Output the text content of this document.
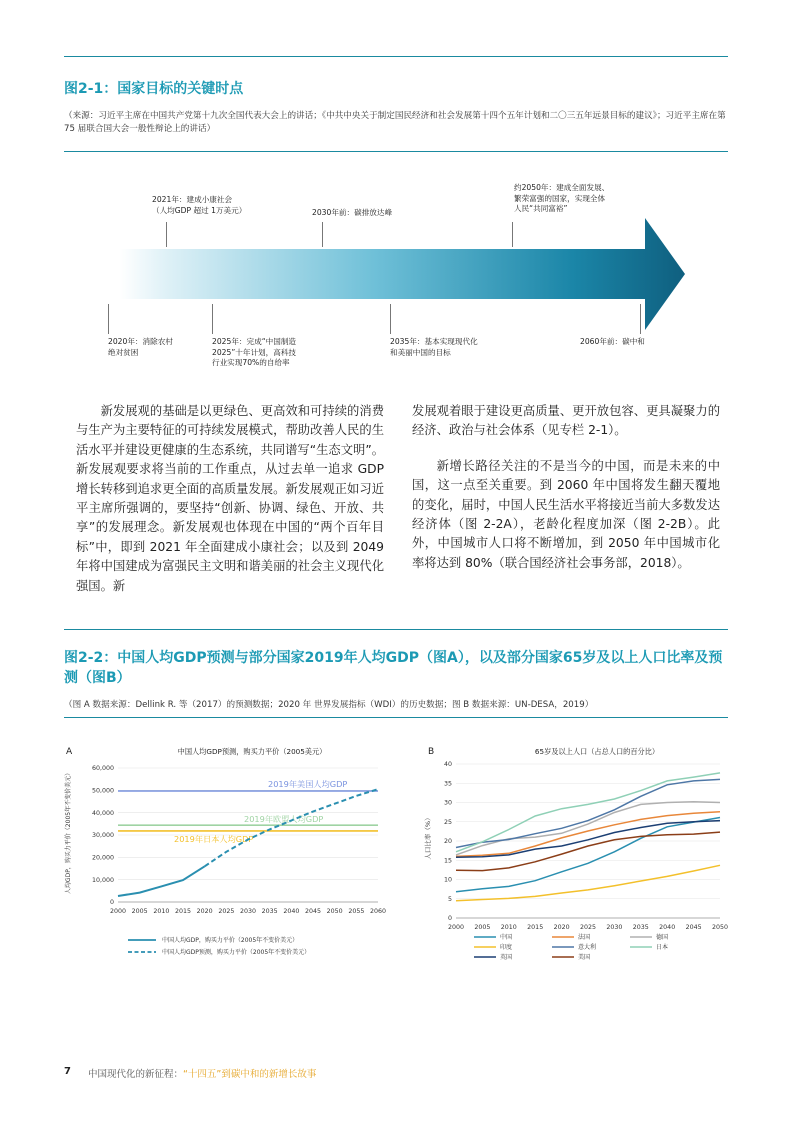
图2-1：国家目标的关键时点
（来源：习近平主席在中国共产党第十九次全国代表大会上的讲话；《中共中央关于制定国民经济和社会发展第十四个五年计划和二〇三五年远景目标的建议》；习近平主席在第 75 届联合国大会一般性辩论上的讲话）
2021年：建成小康社会
（人均GDP 超过 1万美元）	2030年前：碳排放达峰
约2050年：建成全面发展、
繁荣富强的国家，实现全体
人民“共同富裕”
2020年：消除农村
绝对贫困
2025年：完成“中国制造
2025”十年计划，高科技
行业实现70%的自给率
2035年：基本实现现代化
和美丽中国的目标
2060年前：碳中和

新发展观的基础是以更绿色、更高效和可持续的消费与生产为主要特征的可持续发展模式，帮助改善人民的生活水平并建设更健康的生态系统，共同谱写“生态文明”。新发展观要求将当前的工作重点，从过去单一追求 GDP 增长转移到追求更全面的高质量发展。新发展观正如习近平主席所强调的，要坚持“创新、协调、绿色、开放、共享”的发展理念。新发展观也体现在中国的“两个百年目标”中，即到 2021 年全面建成小康社会；以及到 2049 年将中国建成为富强民主文明和谐美丽的社会主义现代化强国。新

发展观着眼于建设更高质量、更开放包容、更具凝聚力的经济、政治与社会体系（见专栏 2-1）。

新增长路径关注的不是当今的中国，而是未来的中国，这一点至关重要。到 2060 年中国将发生翻天覆地的变化，届时，中国人民生活水平将接近当前大多数发达经济体（图 2-2A），老龄化程度加深（图 2-2B）。此外，中国城市人口将不断增加，到 2050 年中国城市化率将达到 80%（联合国经济社会事务部，2018）。

图2-2：中国人均GDP预测与部分国家2019年人均GDP（图A），以及部分国家65岁及以上人口比率及预测（图B）
（图 A 数据来源：Dellink R. 等（2017）的预测数据；2020 年 世界发展指标（WDI）的历史数据；图 B 数据来源：UN-DESA，2019）
A	中国人均GDP预测，购买力平价（2005美元）
人均GDP，购买力平价（2005年不变价美元）
0
10,000
20,000
30,000
40,000
50,000
60,000
2000 2005 2010 2015 2020 2025 2030 2035 2040 2045 2050 2055 2060
2019年美国人均GDP
2019年欧盟人均GDP
2019年日本人均GDP
中国人均GDP，购买力平价（2005年不变价美元）
中国人均GDP预测，购买力平价（2005年不变价美元）
B	65岁及以上人口（占总人口的百分比）
人口比率（%）
0
5
10
15
20
25
30
35
40
2000 2005 2010 2015 2020 2025 2030 2035 2040 2045 2050
中国	法国	德国
印度	意大利	日本
英国	美国
7 中国现代化的新征程：“十四五”到碳中和的新增长故事
